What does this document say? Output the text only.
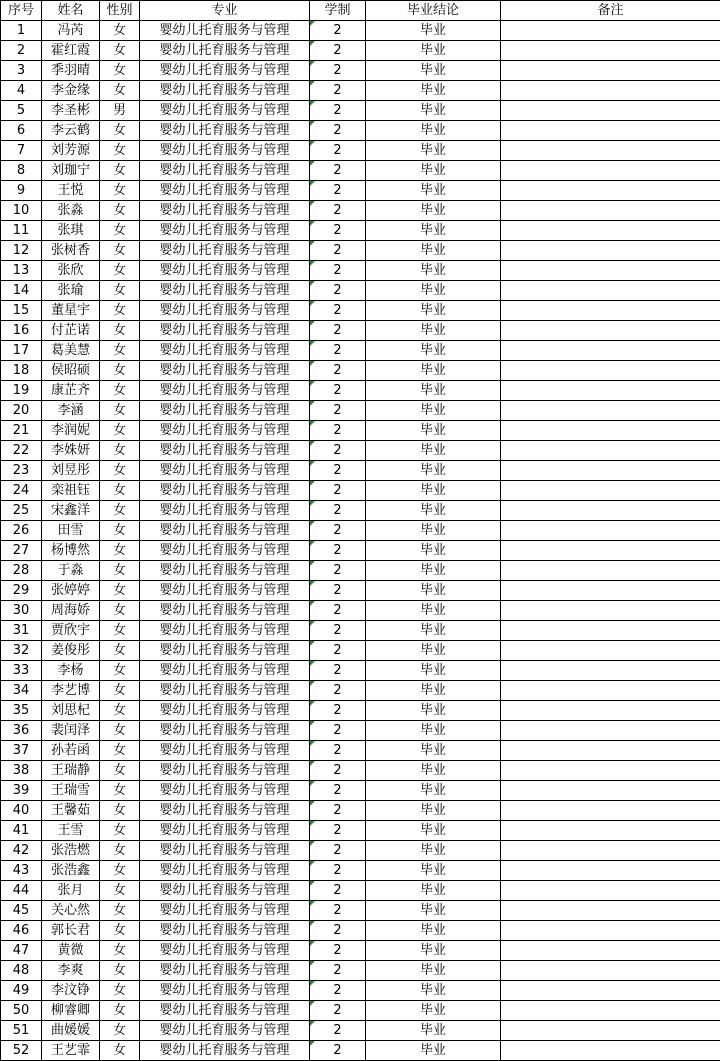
序号	姓名	性别	专业	学制	毕业结论	备注
1	冯芮	女	婴幼儿托育服务与管理	2	毕业	
2	霍红霞	女	婴幼儿托育服务与管理	2	毕业	
3	季羽晴	女	婴幼儿托育服务与管理	2	毕业	
4	李金缘	女	婴幼儿托育服务与管理	2	毕业	
5	李圣彬	男	婴幼儿托育服务与管理	2	毕业	
6	李云鹤	女	婴幼儿托育服务与管理	2	毕业	
7	刘芳源	女	婴幼儿托育服务与管理	2	毕业	
8	刘珈宁	女	婴幼儿托育服务与管理	2	毕业	
9	王悦	女	婴幼儿托育服务与管理	2	毕业	
10	张淼	女	婴幼儿托育服务与管理	2	毕业	
11	张琪	女	婴幼儿托育服务与管理	2	毕业	
12	张树香	女	婴幼儿托育服务与管理	2	毕业	
13	张欣	女	婴幼儿托育服务与管理	2	毕业	
14	张瑜	女	婴幼儿托育服务与管理	2	毕业	
15	董星宇	女	婴幼儿托育服务与管理	2	毕业	
16	付芷诺	女	婴幼儿托育服务与管理	2	毕业	
17	葛美慧	女	婴幼儿托育服务与管理	2	毕业	
18	侯昭硕	女	婴幼儿托育服务与管理	2	毕业	
19	康芷齐	女	婴幼儿托育服务与管理	2	毕业	
20	李涵	女	婴幼儿托育服务与管理	2	毕业	
21	李润妮	女	婴幼儿托育服务与管理	2	毕业	
22	李姝妍	女	婴幼儿托育服务与管理	2	毕业	
23	刘昱彤	女	婴幼儿托育服务与管理	2	毕业	
24	栾祖钰	女	婴幼儿托育服务与管理	2	毕业	
25	宋鑫洋	女	婴幼儿托育服务与管理	2	毕业	
26	田雪	女	婴幼儿托育服务与管理	2	毕业	
27	杨博然	女	婴幼儿托育服务与管理	2	毕业	
28	于淼	女	婴幼儿托育服务与管理	2	毕业	
29	张婷婷	女	婴幼儿托育服务与管理	2	毕业	
30	周海娇	女	婴幼儿托育服务与管理	2	毕业	
31	贾欣宇	女	婴幼儿托育服务与管理	2	毕业	
32	姜俊彤	女	婴幼儿托育服务与管理	2	毕业	
33	李杨	女	婴幼儿托育服务与管理	2	毕业	
34	李艺博	女	婴幼儿托育服务与管理	2	毕业	
35	刘思杞	女	婴幼儿托育服务与管理	2	毕业	
36	裴闰泽	女	婴幼儿托育服务与管理	2	毕业	
37	孙若函	女	婴幼儿托育服务与管理	2	毕业	
38	王瑞静	女	婴幼儿托育服务与管理	2	毕业	
39	王瑞雪	女	婴幼儿托育服务与管理	2	毕业	
40	王馨茹	女	婴幼儿托育服务与管理	2	毕业	
41	王雪	女	婴幼儿托育服务与管理	2	毕业	
42	张浩燃	女	婴幼儿托育服务与管理	2	毕业	
43	张浩鑫	女	婴幼儿托育服务与管理	2	毕业	
44	张月	女	婴幼儿托育服务与管理	2	毕业	
45	关心然	女	婴幼儿托育服务与管理	2	毕业	
46	郭长君	女	婴幼儿托育服务与管理	2	毕业	
47	黄微	女	婴幼儿托育服务与管理	2	毕业	
48	李爽	女	婴幼儿托育服务与管理	2	毕业	
49	李汶铮	女	婴幼儿托育服务与管理	2	毕业	
50	柳睿卿	女	婴幼儿托育服务与管理	2	毕业	
51	曲媛媛	女	婴幼儿托育服务与管理	2	毕业	
52	王艺霏	女	婴幼儿托育服务与管理	2	毕业	
